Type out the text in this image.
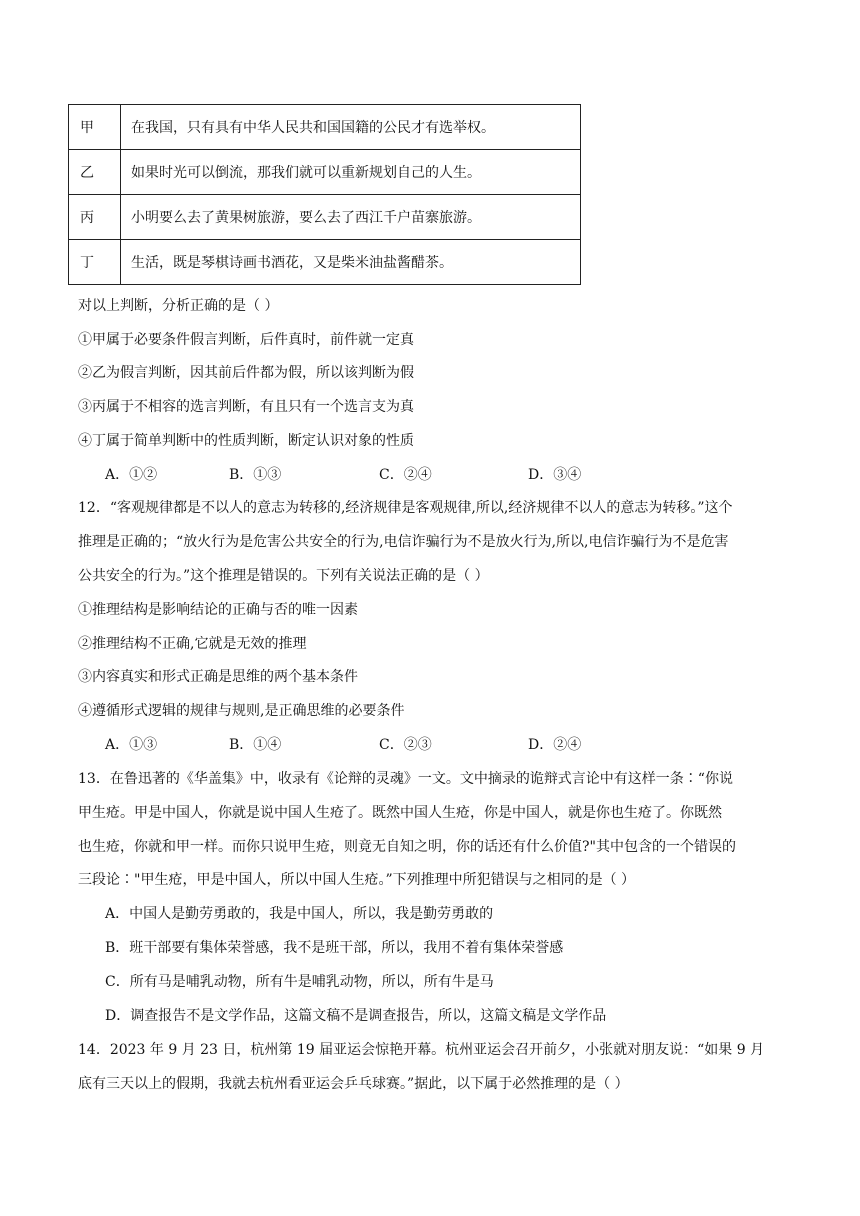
甲	在我国，只有具有中华人民共和国国籍的公民才有选举权。
乙	如果时光可以倒流，那我们就可以重新规划自己的人生。
丙	小明要么去了黄果树旅游，要么去了西江千户苗寨旅游。
丁	生活，既是琴棋诗画书酒花，又是柴米油盐酱醋茶。
对以上判断，分析正确的是（ ）
①甲属于必要条件假言判断，后件真时，前件就一定真
②乙为假言判断，因其前后件都为假，所以该判断为假
③丙属于不相容的选言判断，有且只有一个选言支为真
④丁属于简单判断中的性质判断，断定认识对象的性质
A．①②	B．①③	C．②④	D．③④
12．“客观规律都是不以人的意志为转移的,经济规律是客观规律,所以,经济规律不以人的意志为转移。”这个
推理是正确的；“放火行为是危害公共安全的行为,电信诈骗行为不是放火行为,所以,电信诈骗行为不是危害
公共安全的行为。”这个推理是错误的。下列有关说法正确的是（ ）
①推理结构是影响结论的正确与否的唯一因素
②推理结构不正确,它就是无效的推理
③内容真实和形式正确是思维的两个基本条件
④遵循形式逻辑的规律与规则,是正确思维的必要条件
A．①③	B．①④	C．②③	D．②④
13．在鲁迅著的《华盖集》中，收录有《论辩的灵魂》一文。文中摘录的诡辩式言论中有这样一条∶“你说
甲生疮。甲是中国人，你就是说中国人生疮了。既然中国人生疮，你是中国人，就是你也生疮了。你既然
也生疮，你就和甲一样。而你只说甲生疮，则竟无自知之明，你的话还有什么价值?"其中包含的一个错误的
三段论∶"甲生疮，甲是中国人，所以中国人生疮。”下列推理中所犯错误与之相同的是（ ）
A．中国人是勤劳勇敢的，我是中国人，所以，我是勤劳勇敢的
B．班干部要有集体荣誉感，我不是班干部，所以，我用不着有集体荣誉感
C．所有马是哺乳动物，所有牛是哺乳动物，所以，所有牛是马
D．调查报告不是文学作品，这篇文稿不是调查报告，所以，这篇文稿是文学作品
14．2023 年 9 月 23 日，杭州第 19 届亚运会惊艳开幕。杭州亚运会召开前夕，小张就对朋友说：“如果 9 月
底有三天以上的假期，我就去杭州看亚运会乒乓球赛。”据此，以下属于必然推理的是（ ）
